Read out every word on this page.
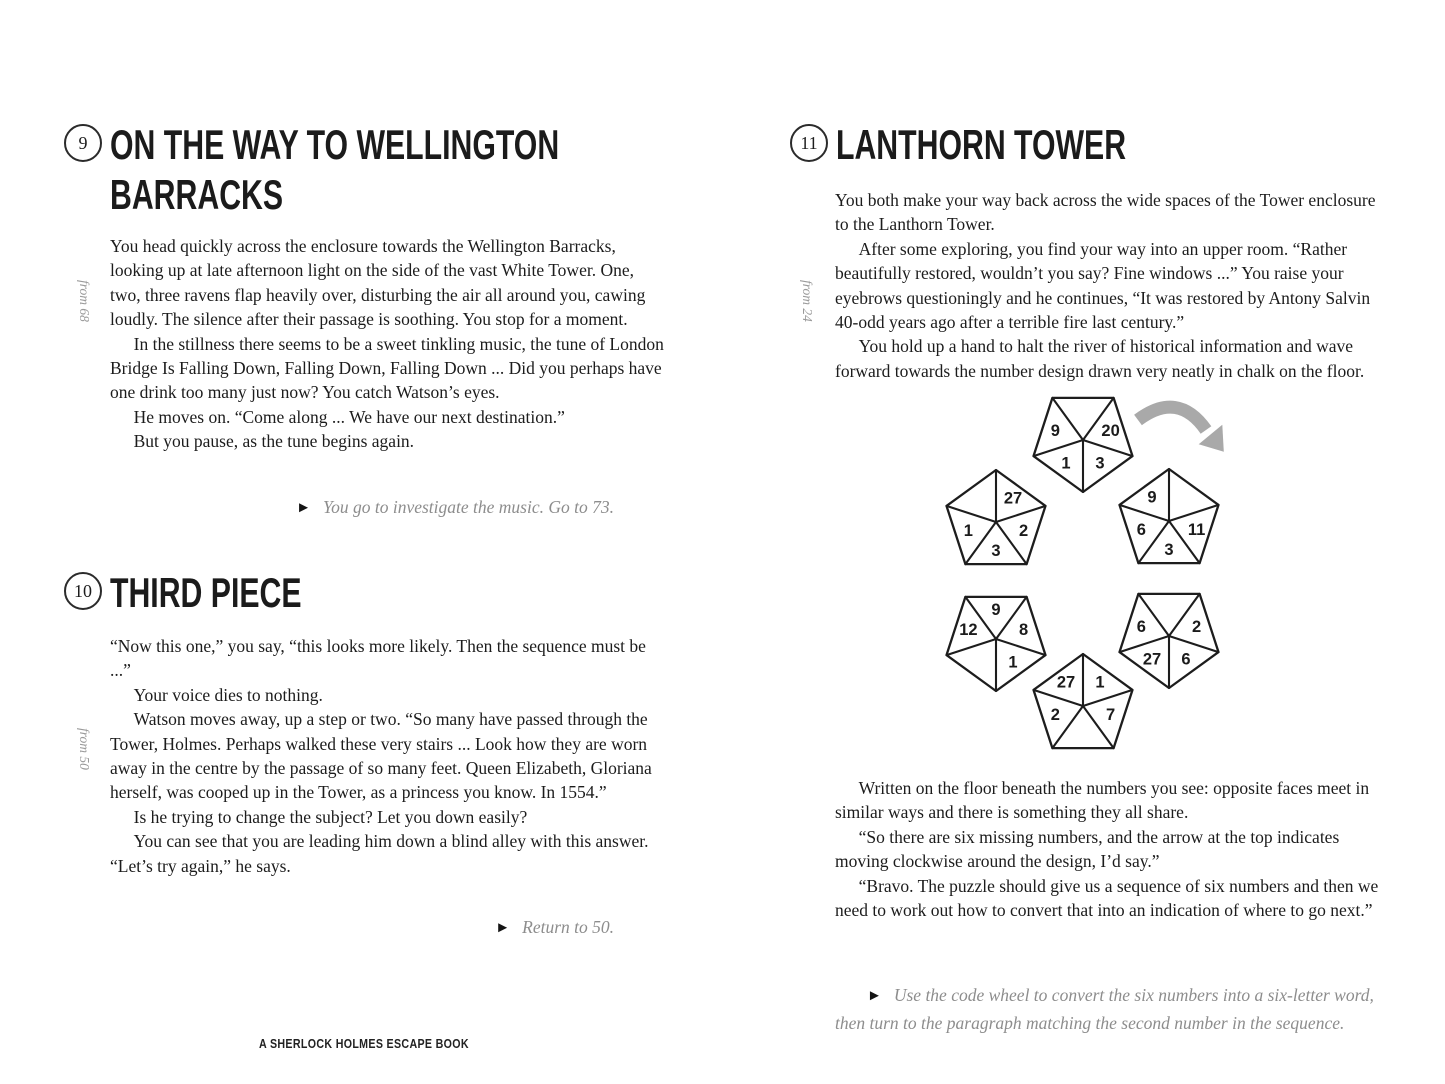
9 ON THE WAY TO WELLINGTON BARRACKS
from 68

You head quickly across the enclosure towards the Wellington Barracks, looking up at late afternoon light on the side of the vast White Tower. One, two, three ravens flap heavily over, disturbing the air all around you, cawing loudly. The silence after their passage is soothing. You stop for a moment.

In the stillness there seems to be a sweet tinkling music, the tune of London Bridge Is Falling Down, Falling Down, Falling Down ... Did you perhaps have one drink too many just now? You catch Watson’s eyes.

He moves on. “Come along ... We have our next destination.”

But you pause, as the tune begins again.

► You go to investigate the music. Go to 73.
10 THIRD PIECE
from 50

“Now this one,” you say, “this looks more likely. Then the sequence must be ...”

Your voice dies to nothing.

Watson moves away, up a step or two. “So many have passed through the Tower, Holmes. Perhaps walked these very stairs ... Look how they are worn away in the centre by the passage of so many feet. Queen Elizabeth, Gloriana herself, was cooped up in the Tower, as a princess you know. In 1554.”

Is he trying to change the subject? Let you down easily?

You can see that you are leading him down a blind alley with this answer. “Let’s try again,” he says.

► Return to 50.
11 LANTHORN TOWER
from 24

You both make your way back across the wide spaces of the Tower enclosure to the Lanthorn Tower.

After some exploring, you find your way into an upper room. “Rather beautifully restored, wouldn’t you say? Fine windows ...” You raise your eyebrows questioningly and he continues, “It was restored by Antony Salvin 40-odd years ago after a terrible fire last century.”

You hold up a hand to halt the river of historical information and wave forward towards the number design drawn very neatly in chalk on the floor.

9	20
1 3
27
1	2
3
9
6	11
3
9
12	8
1
6	2
27 6
27 1
2	7

Written on the floor beneath the numbers you see: opposite faces meet in similar ways and there is something they all share.

“So there are six missing numbers, and the arrow at the top indicates moving clockwise around the design, I’d say.”

“Bravo. The puzzle should give us a sequence of six numbers and then we need to work out how to convert that into an indication of where to go next.”

► Use the code wheel to convert the six numbers into a six-letter word, then turn to the paragraph matching the second number in the sequence.
A SHERLOCK HOLMES ESCAPE BOOK
